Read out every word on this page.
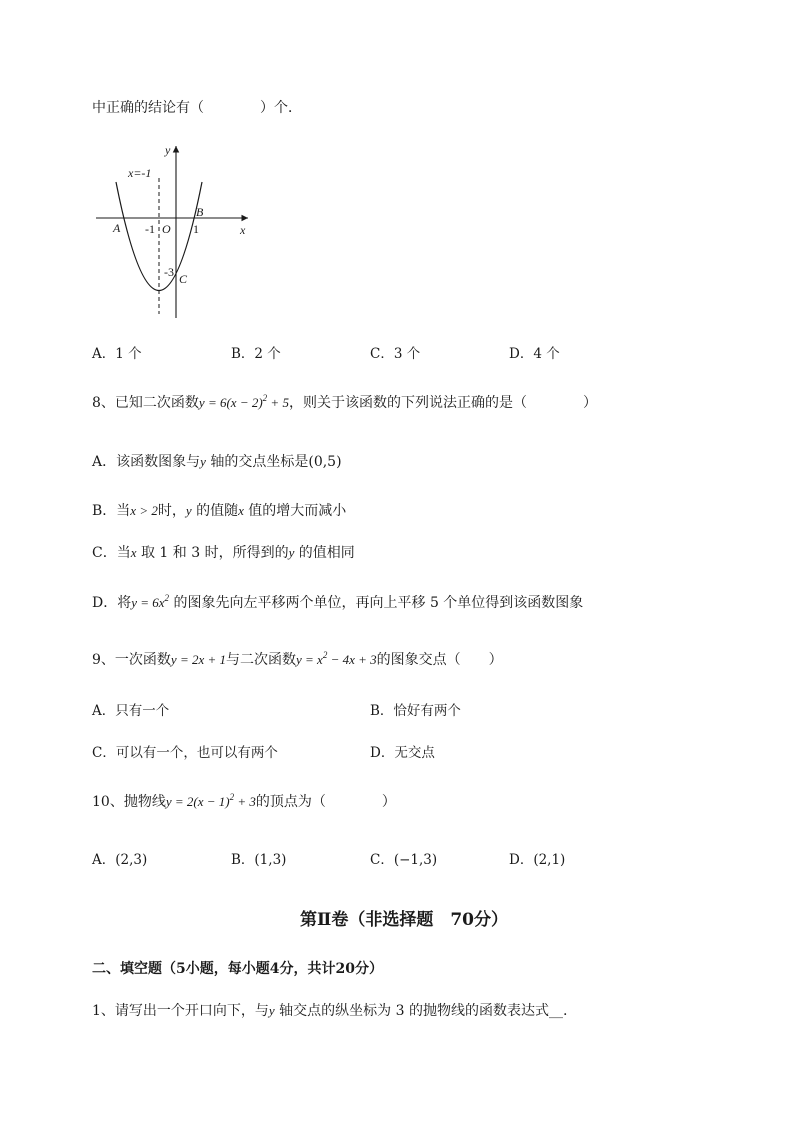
中正确的结论有（　　　　）个．
y
x
x=-1
O
-1	1
-3
A
B
C
A．1 个	B．2 个	C．3 个	D．4 个
8、已知二次函数$y = 6(x - 2)^2 + 5$，则关于该函数的下列说法正确的是（　　　　）
A．该函数图象与y 轴的交点坐标是(0,5)
B．当x > 2时，y 的值随x 值的增大而减小
C．当x 取 1 和 3 时，所得到的y 的值相同
D．将$y = 6x^2$ 的图象先向左平移两个单位，再向上平移 5 个单位得到该函数图象
9、一次函数y = 2x + 1与二次函数$y = x^2 - 4x + 3$的图象交点（　　）
A．只有一个	B．恰好有两个
C．可以有一个，也可以有两个	D．无交点
10、抛物线$y = 2(x - 1)^2 + 3$的顶点为（　　　　）
A．(2,3)	B．(1,3)	C．(−1,3)	D．(2,1)
第Ⅱ卷（非选择题　70分）
二、填空题（5小题，每小题4分，共计20分）
1、请写出一个开口向下，与y 轴交点的纵坐标为 3 的抛物线的函数表达式__.
